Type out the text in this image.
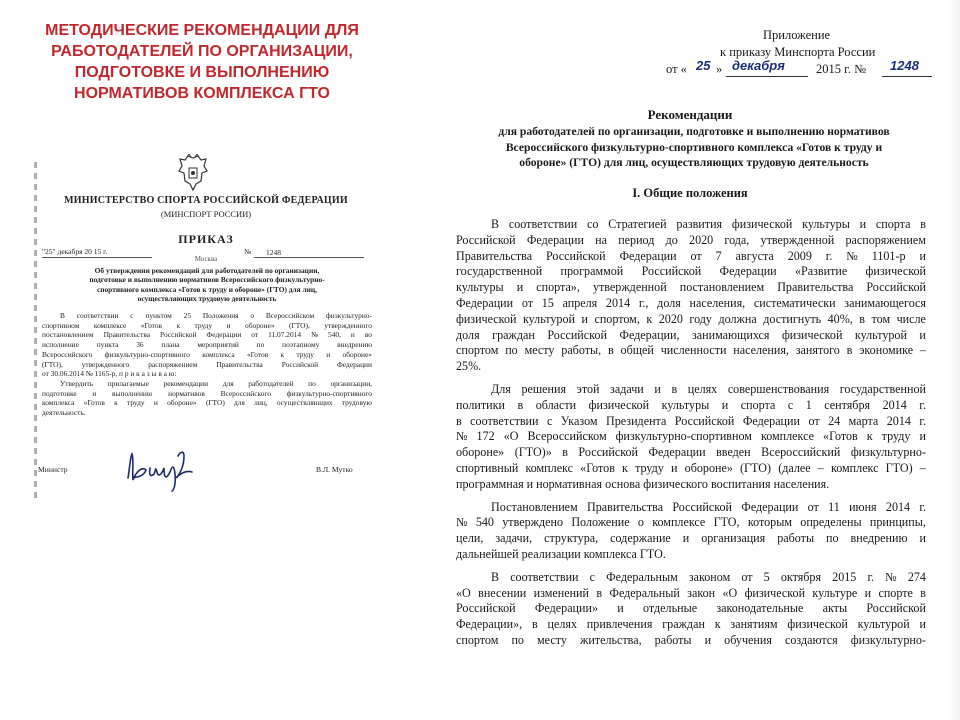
МЕТОДИЧЕСКИЕ РЕКОМЕНДАЦИИ ДЛЯ
РАБОТОДАТЕЛЕЙ ПО ОРГАНИЗАЦИИ,
ПОДГОТОВКЕ И ВЫПОЛНЕНИЮ
НОРМАТИВОВ КОМПЛЕКСА ГТО
МИНИСТЕРСТВО СПОРТА РОССИЙСКОЙ ФЕДЕРАЦИИ
(МИНСПОРТ РОССИИ)
ПРИКАЗ
"25" декабря 20 15 г.	№ 1248
Москва
Об утверждении рекомендаций для работодателей по организации,
подготовке и выполнению нормативов Всероссийского физкультурно-
спортивного комплекса «Готов к труду и обороне» (ГТО) для лиц,
осуществляющих трудовую деятельность
В соответствии с пунктом 25 Положения о Всероссийском физкультурно-
спортивном комплексе «Готов к труду и обороне» (ГТО), утвержденного
постановлением Правительства Российской Федерации от 11.07.2014 № 540, и во
исполнение пункта 36 плана мероприятий по поэтапному внедрению
Всероссийского физкультурно-спортивного комплекса «Готов к труду и обороне»
(ГТО),	утвержденного	распоряжением	Правительства	Российской	Федерации
от 30.06.2014 № 1165-р, п р и к а з ы в а ю:
Утвердить прилагаемые рекомендации для работодателей по организации,
подготовке и выполнению нормативов Всероссийского физкультурно-спортивного
комплекса «Готов к труду и обороне» (ГТО) для лиц, осуществляющих трудовую
деятельность.
Министр	В.Л. Мутко
Приложение
к приказу Минспорта России
от « 25 » декабря 2015 г. № 1248
Рекомендации
для работодателей по организации, подготовке и выполнению нормативов
Всероссийского физкультурно-спортивного комплекса «Готов к труду и
обороне» (ГТО) для лиц, осуществляющих трудовую деятельность
I. Общие положения
В соответствии со Стратегией развития физической культуры и спорта в
Российской Федерации на период до 2020 года, утвержденной распоряжением
Правительства Российской Федерации от 7 августа 2009 г. № 1101-р и
государственной программой Российской Федерации «Развитие физической
культуры и спорта», утвержденной постановлением Правительства Российской
Федерации от 15 апреля 2014 г., доля населения, систематически занимающегося
физической культурой и спортом, к 2020 году должна достигнуть 40%, в том числе
доля граждан Российской Федерации, занимающихся физической культурой и
спортом по месту работы, в общей численности населения, занятого в экономике –
25%.
Для решения этой задачи и в целях совершенствования государственной
политики в области физической культуры и спорта с 1 сентября 2014 г.
в соответствии с Указом Президента Российской Федерации от 24 марта 2014 г.
№ 172 «О Всероссийском физкультурно-спортивном комплексе «Готов к труду и
обороне» (ГТО)» в Российской Федерации введен Всероссийский физкультурно-
спортивный комплекс «Готов к труду и обороне» (ГТО) (далее – комплекс ГТО) –
программная и нормативная основа физического воспитания населения.
Постановлением Правительства Российской Федерации от 11 июня 2014 г.
№ 540 утверждено Положение о комплексе ГТО, которым определены принципы,
цели, задачи, структура, содержание и организация работы по внедрению и
дальнейшей реализации комплекса ГТО.
В соответствии с Федеральным законом от 5 октября 2015 г. № 274
«О внесении изменений в Федеральный закон «О физической культуре и спорте в
Российской Федерации» и отдельные законодательные акты Российской
Федерации», в целях привлечения граждан к занятиям физической культурой и
спортом по месту жительства, работы и обучения создаются физкультурно-
